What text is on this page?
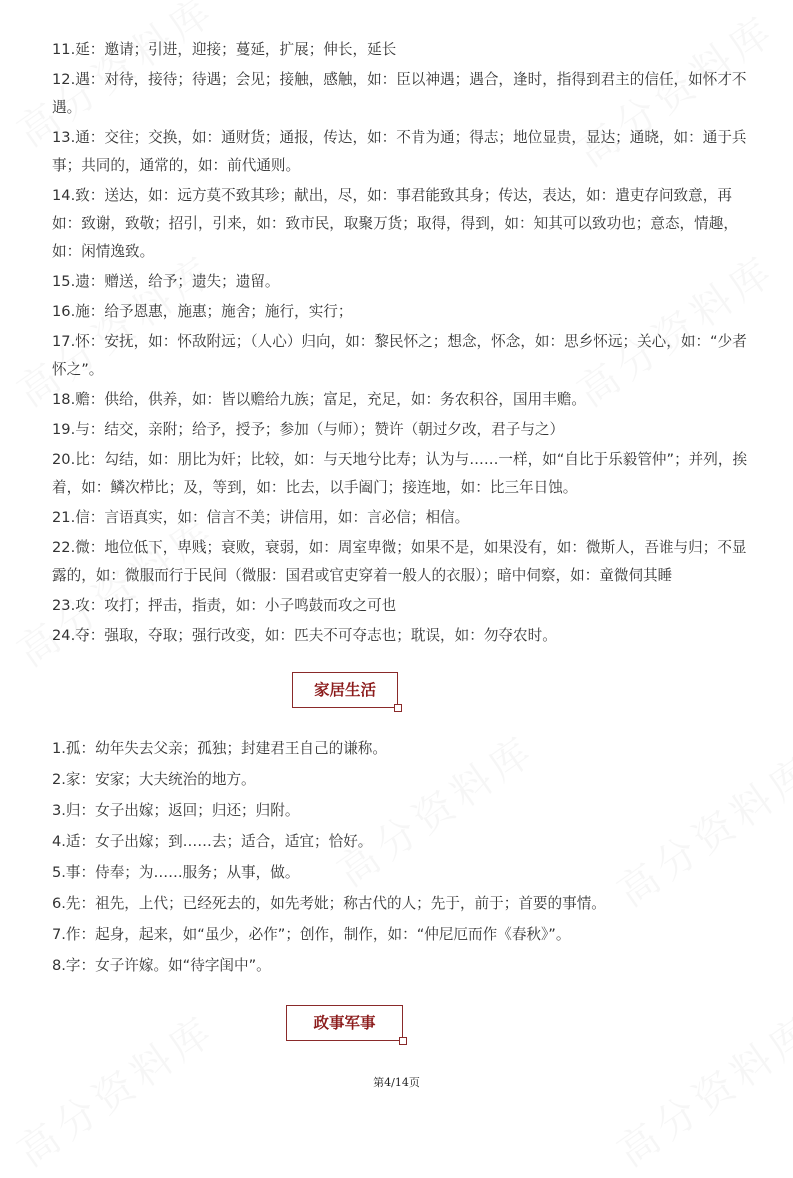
11.延：邀请；引进，迎接；蔓延，扩展；伸长，延长

12.遇：对待，接待；待遇；会见；接触，感触，如：臣以神遇；遇合，逢时，指得到君主的信任，如怀才不遇。

13.通：交往；交换，如：通财货；通报，传达，如：不肯为通；得志；地位显贵，显达；通晓，如：通于兵事；共同的，通常的，如：前代通则。

14.致：送达，如：远方莫不致其珍；献出，尽，如：事君能致其身；传达，表达，如：遣吏存问致意，再如：致谢，致敬；招引，引来，如：致市民，取聚万货；取得，得到，如：知其可以致功也；意态，情趣，如：闲情逸致。

15.遗：赠送，给予；遗失；遗留。

16.施：给予恩惠，施惠；施舍；施行，实行；

17.怀：安抚，如：怀敌附远；（人心）归向，如：黎民怀之；想念，怀念，如：思乡怀远；关心，如：“少者怀之”。

18.赡：供给，供养，如：皆以赡给九族；富足，充足，如：务农积谷，国用丰赡。

19.与：结交，亲附；给予，授予；参加（与师）；赞许（朝过夕改，君子与之）

20.比：勾结，如：朋比为奸；比较，如：与天地兮比寿；认为与……一样，如“自比于乐毅管仲”；并列，挨着，如：鳞次栉比；及，等到，如：比去，以手阖门；接连地，如：比三年日蚀。

21.信：言语真实，如：信言不美；讲信用，如：言必信；相信。

22.微：地位低下，卑贱；衰败，衰弱，如：周室卑微；如果不是，如果没有，如：微斯人，吾谁与归；不显露的，如：微服而行于民间（微服：国君或官吏穿着一般人的衣服）；暗中伺察，如：童微伺其睡

23.攻：攻打；抨击，指责，如：小子鸣鼓而攻之可也

24.夺：强取，夺取；强行改变，如：匹夫不可夺志也；耽误，如：勿夺农时。

家居生活

1.孤：幼年失去父亲；孤独；封建君王自己的谦称。

2.家：安家；大夫统治的地方。

3.归：女子出嫁；返回；归还；归附。

4.适：女子出嫁；到……去；适合，适宜；恰好。

5.事：侍奉；为……服务；从事，做。

6.先：祖先，上代；已经死去的，如先考妣；称古代的人；先于，前于；首要的事情。

7.作：起身，起来，如“虽少，必作”；创作，制作，如：“仲尼厄而作《春秋》”。

8.字：女子许嫁。如“待字闺中”。

政事军事
第4/14页
